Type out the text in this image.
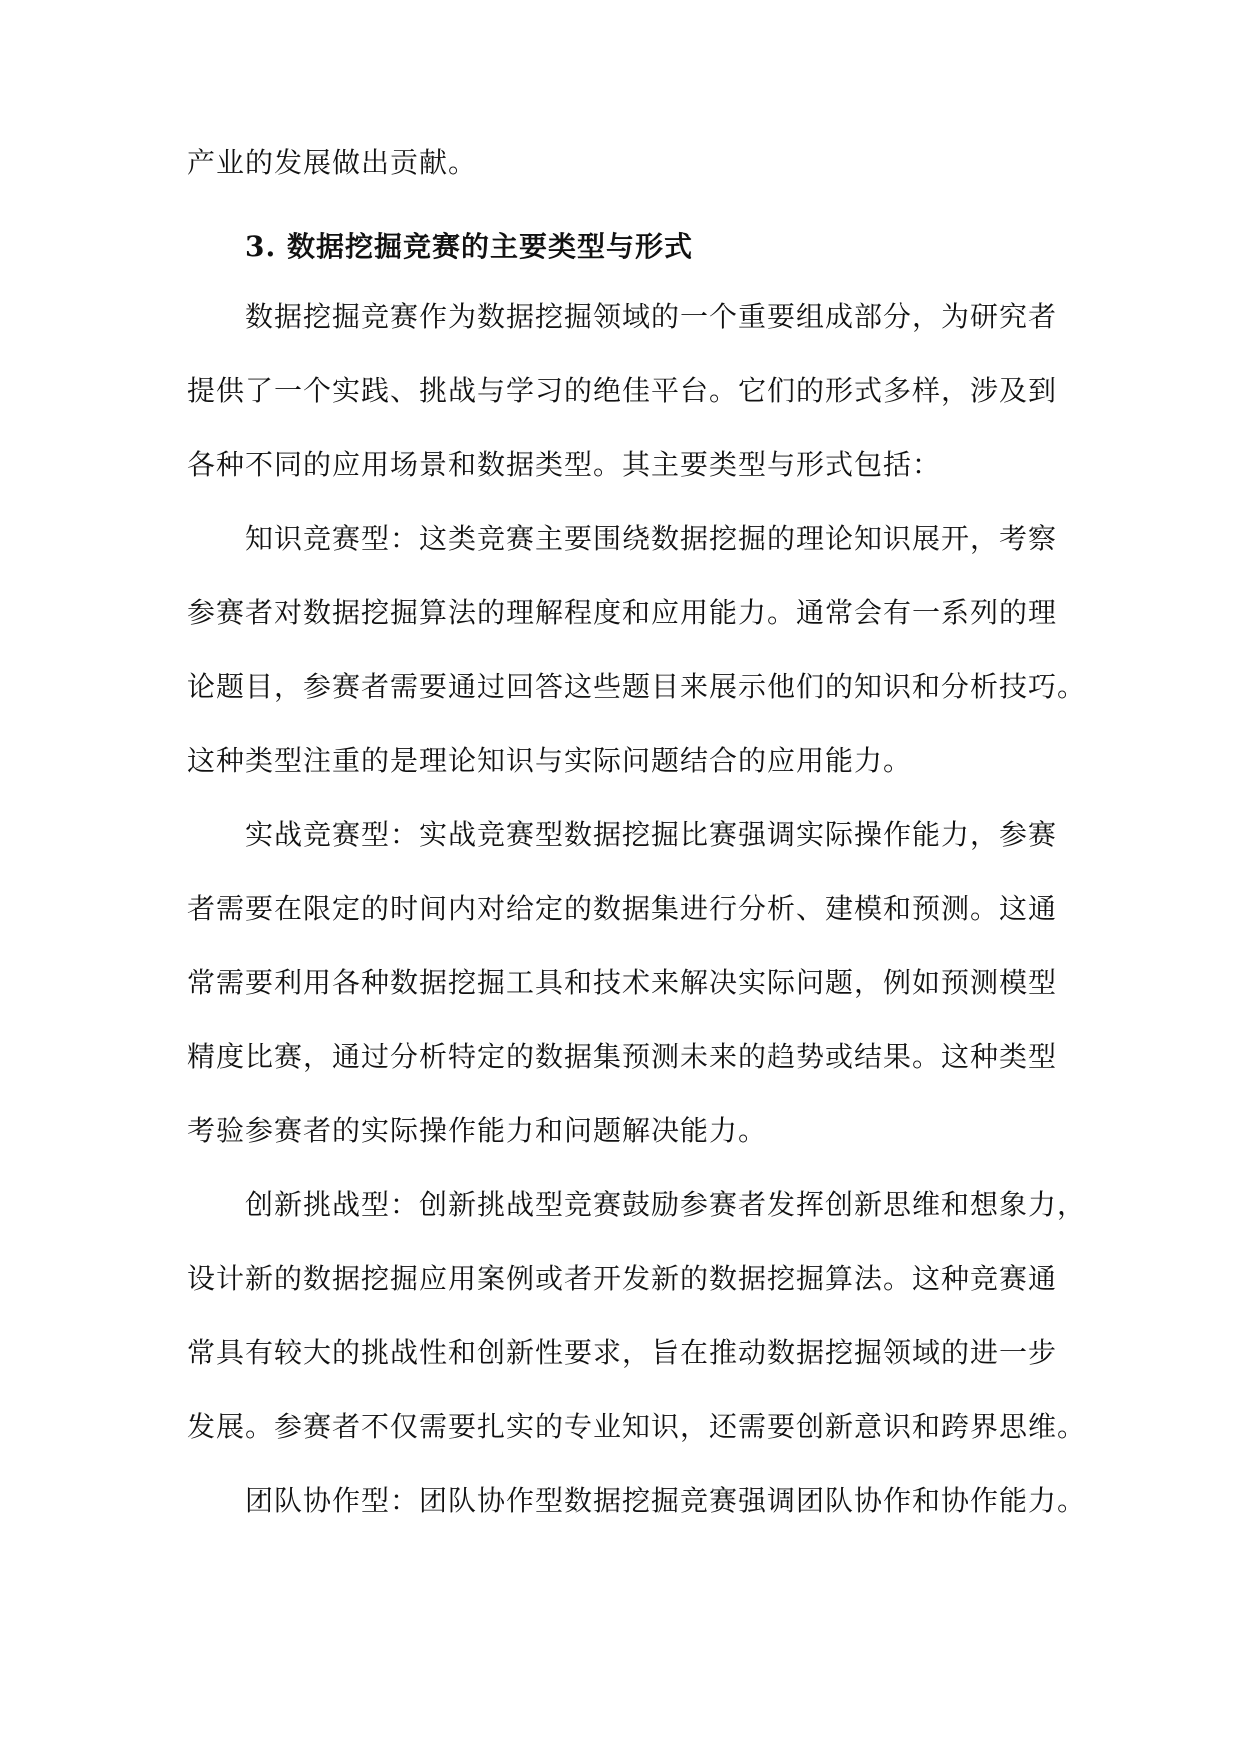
产业的发展做出贡献。
3. 数据挖掘竞赛的主要类型与形式
数据挖掘竞赛作为数据挖掘领域的一个重要组成部分，为研究者
提供了一个实践、挑战与学习的绝佳平台。它们的形式多样，涉及到
各种不同的应用场景和数据类型。其主要类型与形式包括：
知识竞赛型：这类竞赛主要围绕数据挖掘的理论知识展开，考察
参赛者对数据挖掘算法的理解程度和应用能力。通常会有一系列的理
论题目，参赛者需要通过回答这些题目来展示他们的知识和分析技巧。
这种类型注重的是理论知识与实际问题结合的应用能力。
实战竞赛型：实战竞赛型数据挖掘比赛强调实际操作能力，参赛
者需要在限定的时间内对给定的数据集进行分析、建模和预测。这通
常需要利用各种数据挖掘工具和技术来解决实际问题，例如预测模型
精度比赛，通过分析特定的数据集预测未来的趋势或结果。这种类型
考验参赛者的实际操作能力和问题解决能力。
创新挑战型：创新挑战型竞赛鼓励参赛者发挥创新思维和想象力，
设计新的数据挖掘应用案例或者开发新的数据挖掘算法。这种竞赛通
常具有较大的挑战性和创新性要求，旨在推动数据挖掘领域的进一步
发展。参赛者不仅需要扎实的专业知识，还需要创新意识和跨界思维。
团队协作型：团队协作型数据挖掘竞赛强调团队协作和协作能力。
